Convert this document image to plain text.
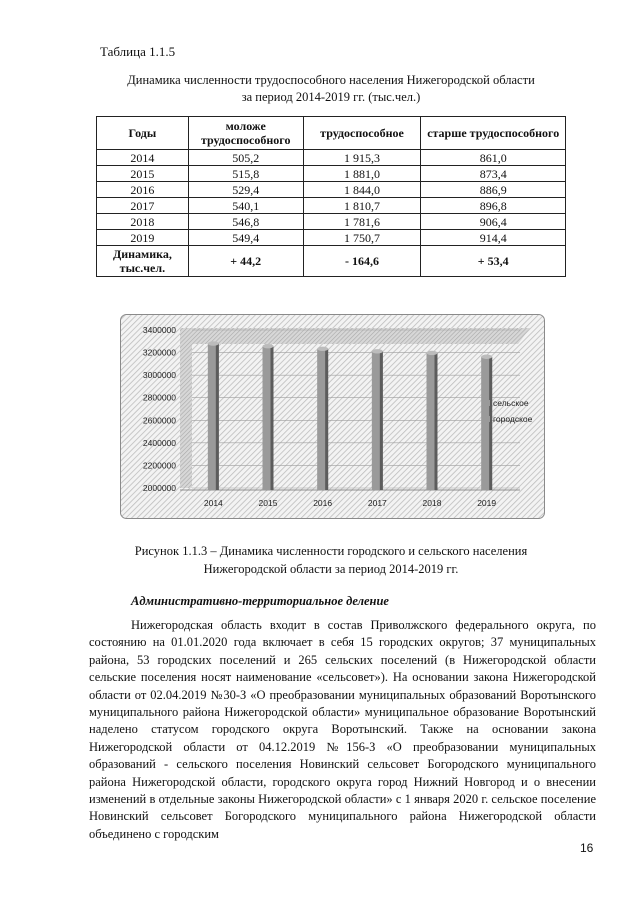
Таблица 1.1.5
Динамика численности трудоспособного населения Нижегородской области
за период 2014-2019 гг. (тыс.чел.)
Годы	моложе трудоспособного	трудоспособное	старше трудоспособного
2014	505,2	1 915,3	861,0
2015	515,8	1 881,0	873,4
2016	529,4	1 844,0	886,9
2017	540,1	1 810,7	896,8
2018	546,8	1 781,6	906,4
2019	549,4	1 750,7	914,4
Динамика, тыс.чел.	+ 44,2	- 164,6	+ 53,4
2000000
2200000
2400000
2600000
2800000
3000000
3200000
3400000
2014	2015	2016	2017	2018	2019
сельское
городское
Рисунок 1.1.3 – Динамика численности городского и сельского населения
Нижегородской области за период 2014-2019 гг.
Административно-территориальное деление

Нижегородская область входит в состав Приволжского федерального округа, по состоянию на 01.01.2020 года включает в себя 15 городских округов; 37 муниципальных района, 53 городских поселений и 265 сельских поселений (в Нижегородской области сельские поселения носят наименование «сельсовет»). На основании закона Нижегородской области от 02.04.2019 №30-З «О преобразовании муниципальных образований Воротынского муниципального района Нижегородской области» муниципальное образование Воротынский наделено статусом городского округа Воротынский. Также на основании закона Нижегородской области от 04.12.2019 №156-З «О преобразовании муниципальных образований - сельского поселения Новинский сельсовет Богородского муниципального района Нижегородской области, городского округа город Нижний Новгород и о внесении изменений в отдельные законы Нижегородской области» с 1 января 2020 г. сельское поселение Новинский сельсовет Богородского муниципального района Нижегородской области объединено с городским

16
